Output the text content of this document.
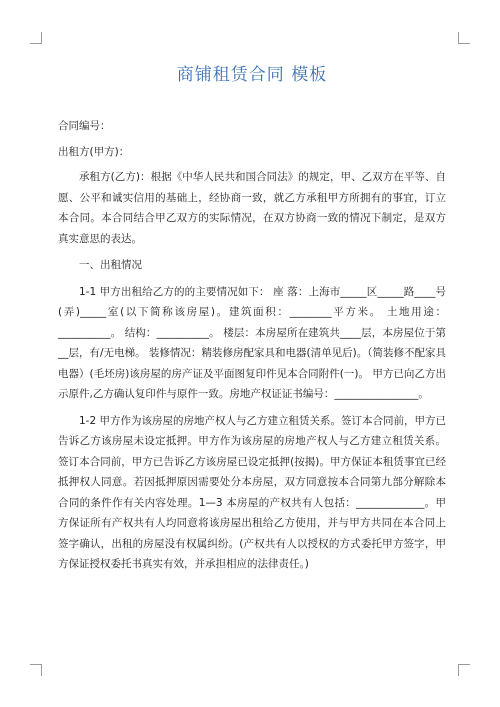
商铺租赁合同 模板

合同编号：

出租方(甲方)：

承租方(乙方)：根据《中华人民共和国合同法》的规定，甲、乙双方在平等、自愿、公平和诚实信用的基础上，经协商一致，就乙方承租甲方所拥有的事宜，订立本合同。本合同结合甲乙双方的实际情况，在双方协商一致的情况下制定，是双方真实意思的表达。

一、出租情况

1-1 甲方出租给乙方的的主要情况如下： 座 落：上海市_____区_____路____号(弄)_____室(以下简称该房屋)。建筑面积：________平方米。 土地用途：__________。 结构：__________。 楼层：本房屋所在建筑共____层，本房屋位于第__层，有/无电梯。 装修情况：精装修房配家具和电器(清单见后)。（简装修不配家具电器）(毛坯房)该房屋的房产证及平面图复印件见本合同附件(一)。 甲方已向乙方出示原件,乙方确认复印件与原件一致。房地产权证证书编号：________________。

1-2 甲方作为该房屋的房地产权人与乙方建立租赁关系。签订本合同前，甲方已告诉乙方该房屋未设定抵押。甲方作为该房屋的房地产权人与乙方建立租赁关系。签订本合同前，甲方已告诉乙方该房屋已设定抵押(按揭)。甲方保证本租赁事宜已经抵押权人同意。若因抵押原因需要处分本房屋，双方同意按本合同第九部分解除本合同的条件作有关内容处理。1—3 本房屋的产权共有人包括：_____________。甲方保证所有产权共有人均同意将该房屋出租给乙方使用，并与甲方共同在本合同上签字确认，出租的房屋没有权属纠纷。(产权共有人以授权的方式委托甲方签字，甲方保证授权委托书真实有效，并承担相应的法律责任。)
